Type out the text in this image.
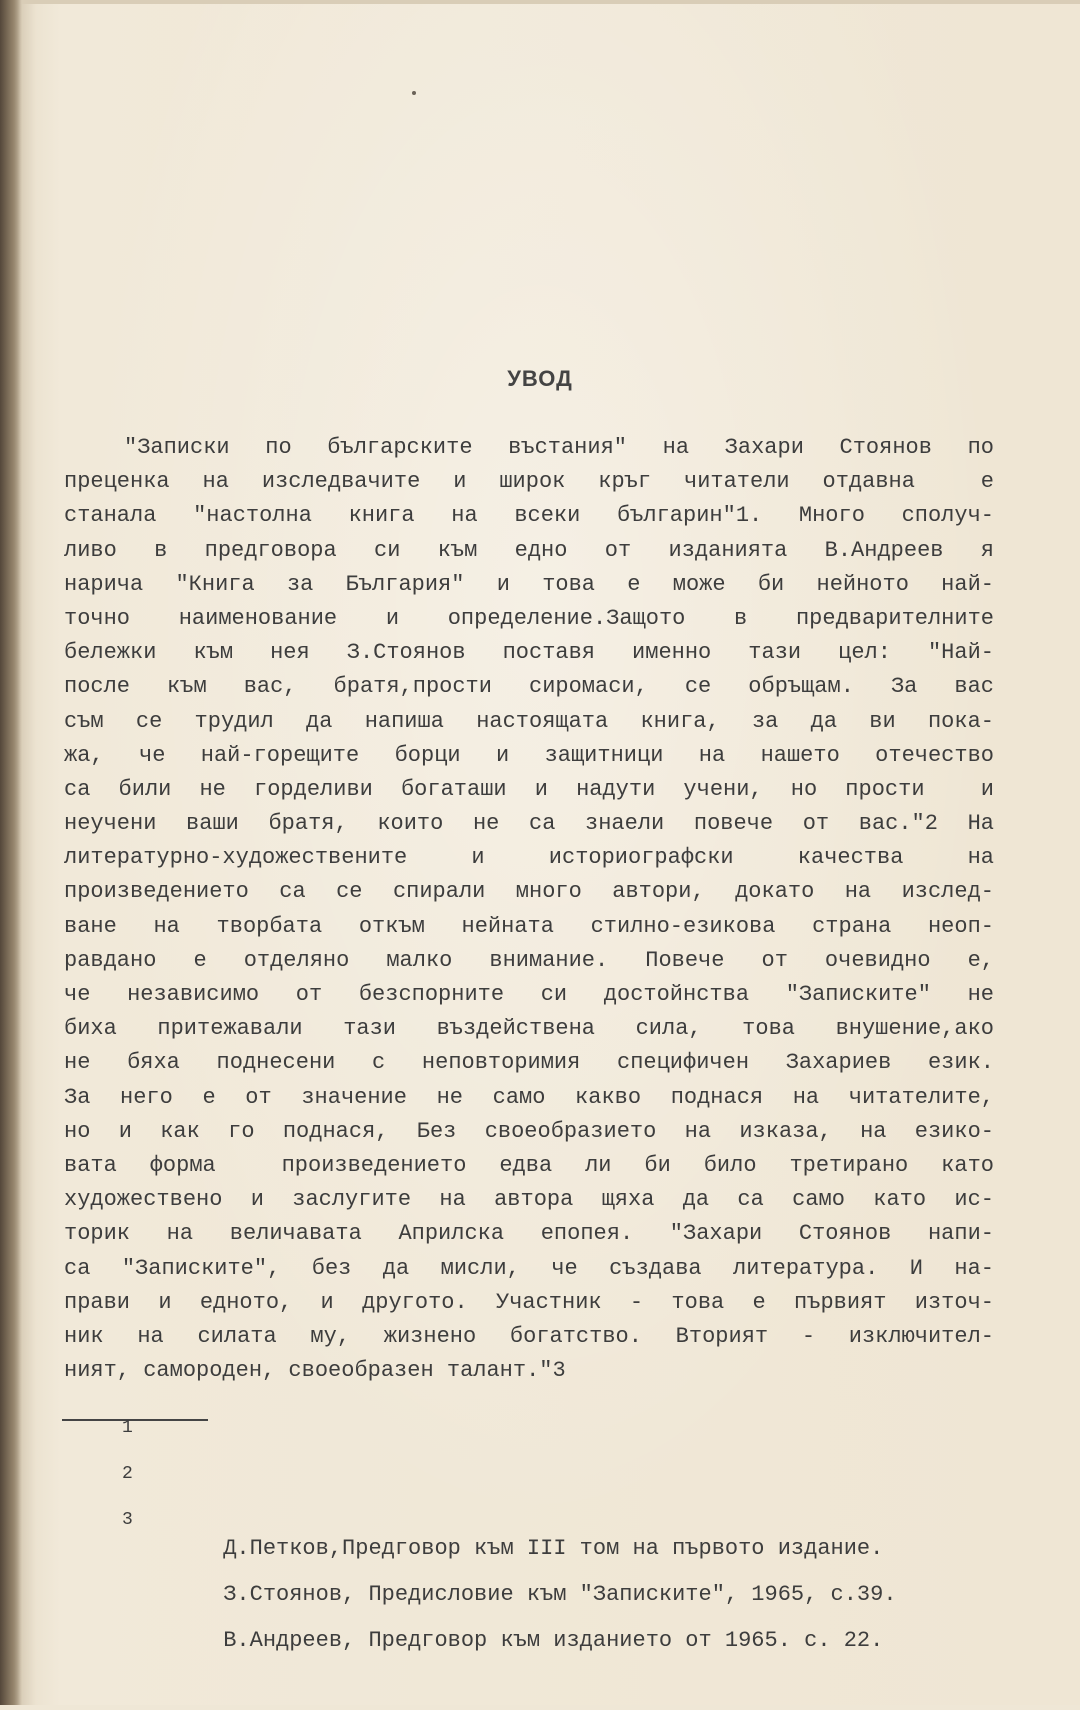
УВОД
"Записки по българските въстания" на Захари Стоянов по
преценка на изследвачите и широк кръг читатели отдавна  е
станала "настолна книга на всеки българин"1. Много сполуч-
ливо в предговора си към едно от изданията В.Андреев я
нарича "Книга за България" и това е може би нейното най-
точно наименование и определение.Защото в предварителните
бележки към нея З.Стоянов поставя именно тази цел: "Най-
после към вас, братя,прости сиромаси, се обръщам. За вас
съм се трудил да напиша настоящата книга, за да ви пока-
жа, че най-горещите борци и защитници на нашето отечество
са били не горделиви богаташи и надути учени, но прости  и
неучени ваши братя, които не са знаели повече от вас."2 На
литературно-художествените и историографски качества на
произведението са се спирали много автори, докато на изслед-
ване на творбата откъм нейната стилно-езикова страна неоп-
равдано е отделяно малко внимание. Повече от очевидно е,
че независимо от безспорните си достойнства "Записките" не
биха притежавали тази въздействена сила, това внушение,ако
не бяха поднесени с неповторимия специфичен Захариев език.
За него е от значение не само какво поднася на читателите,
но и как го поднася, Без своеобразието на изказа, на езико-
вата форма  произведението едва ли би било третирано като
художествено и заслугите на автора щяха да са само като ис-
торик на величавата Априлска епопея. "Захари Стоянов напи-
са "Записките", без да мисли, че създава литература. И на-
прави и едното, и другото. Участник - това е първият източ-
ник на силата му, жизнено богатство. Вторият - изключител-
ният, самороден, своеобразен талант."3

1

Д.Петков,Предговор към III том на първото издание.

2

З.Стоянов, Предисловие към "Записките", 1965, с.39.

3

В.Андреев, Предговор към изданието от 1965. с. 22.
